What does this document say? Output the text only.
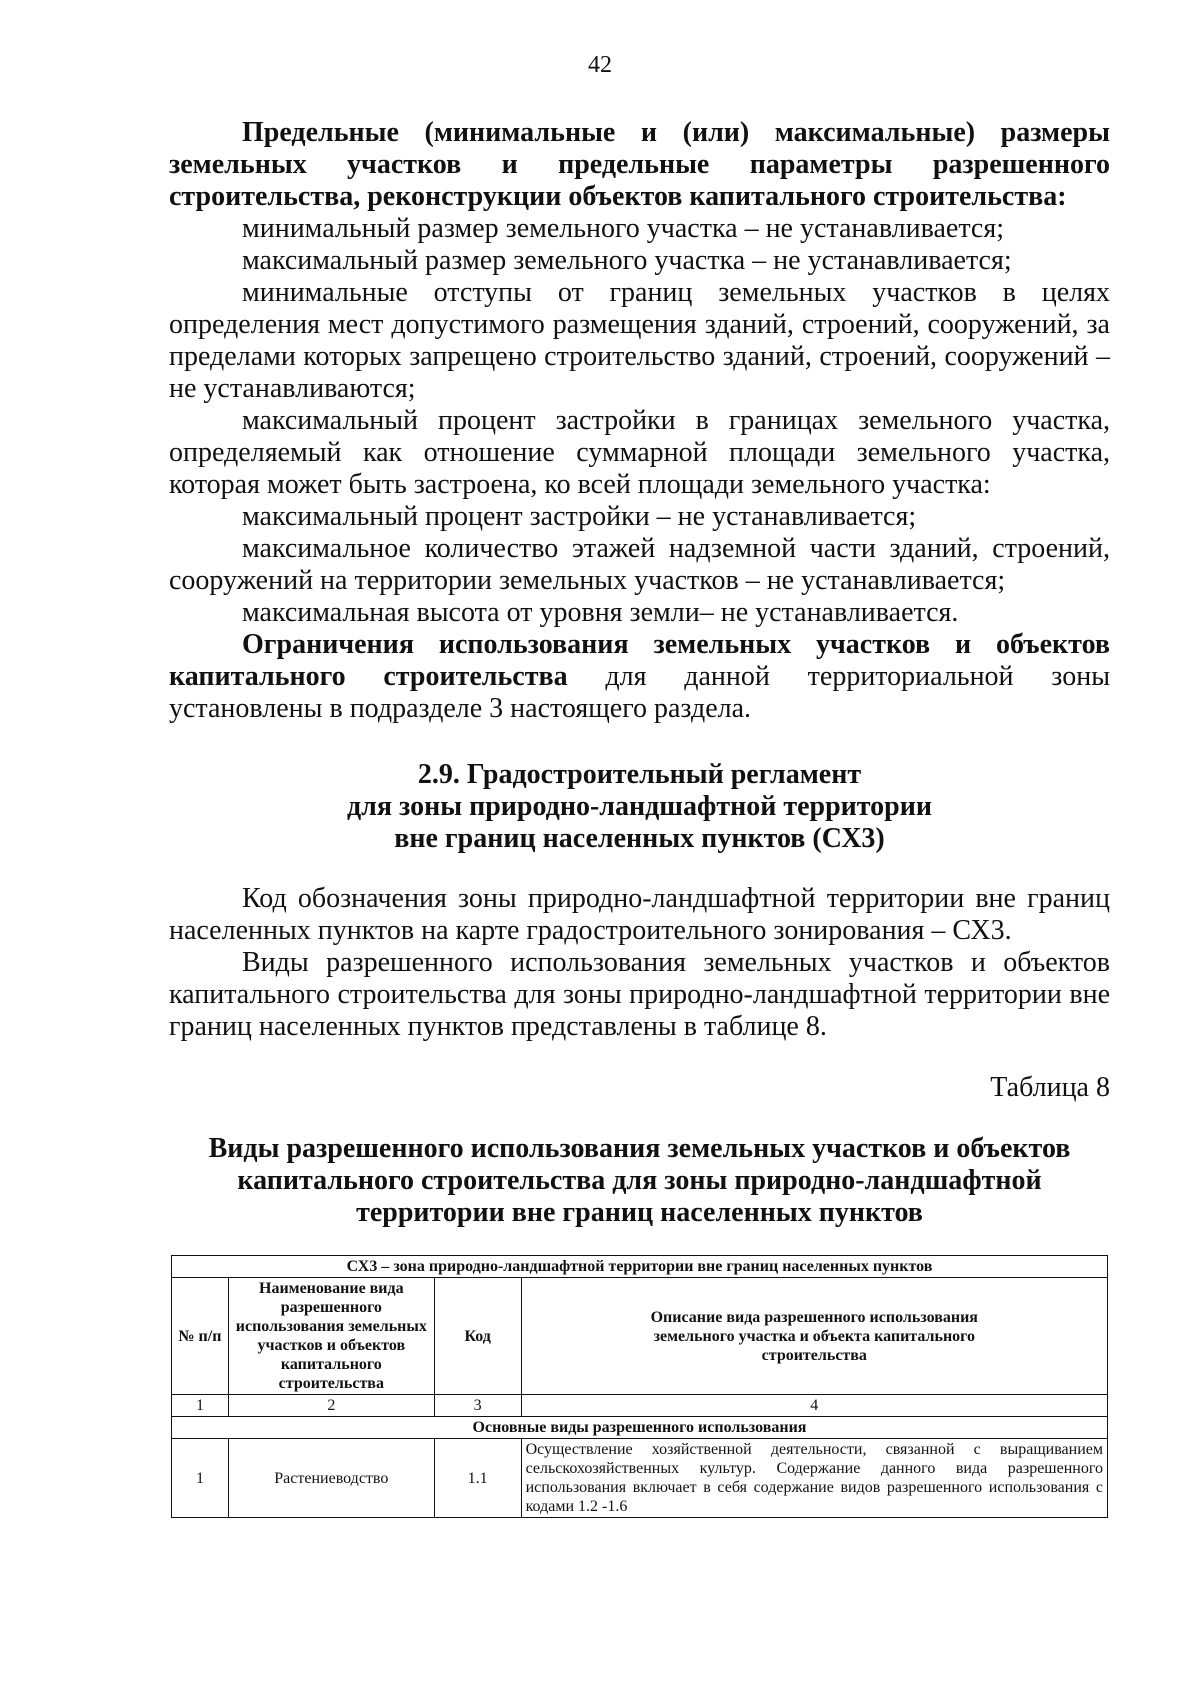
42

Предельные (минимальные и (или) максимальные) размеры земельных участков и предельные параметры разрешенного строительства, реконструкции объектов капитального строительства:

минимальный размер земельного участка – не устанавливается;

максимальный размер земельного участка – не устанавливается;

минимальные отступы от границ земельных участков в целях определения мест допустимого размещения зданий, строений, сооружений, за пределами которых запрещено строительство зданий, строений, сооружений – не устанавливаются;

максимальный процент застройки в границах земельного участка, определяемый как отношение суммарной площади земельного участка, которая может быть застроена, ко всей площади земельного участка:

максимальный процент застройки – не устанавливается;

максимальное количество этажей надземной части зданий, строений, сооружений на территории земельных участков – не устанавливается;

максимальная высота от уровня земли– не устанавливается.

Ограничения использования земельных участков и объектов капитального строительства для данной территориальной зоны установлены в подразделе 3 настоящего раздела.

2.9. Градостроительный регламент
для зоны природно-ландшафтной территории
вне границ населенных пунктов (СХ3)

Код обозначения зоны природно-ландшафтной территории вне границ населенных пунктов на карте градостроительного зонирования – СХ3.

Виды разрешенного использования земельных участков и объектов капитального строительства для зоны природно-ландшафтной территории вне границ населенных пунктов представлены в таблице 8.

Таблица 8
Виды разрешенного использования земельных участков и объектов
капитального строительства для зоны природно-ландшафтной
территории вне границ населенных пунктов
СХ3 – зона природно-ландшафтной территории вне границ населенных пунктов			
№ п/п	Наименование вида разрешенного использования земельных участков и объектов капитального строительства	Код	Описание вида разрешенного использования земельного участка и объекта капитального строительства
1	2	3	4
Основные виды разрешенного использования			
1	Растениеводство	1.1	Осуществление хозяйственной деятельности, связанной с выращиванием сельскохозяйственных культур. Содержание данного вида разрешенного использования включает в себя содержание видов разрешенного использования с кодами 1.2 -1.6
